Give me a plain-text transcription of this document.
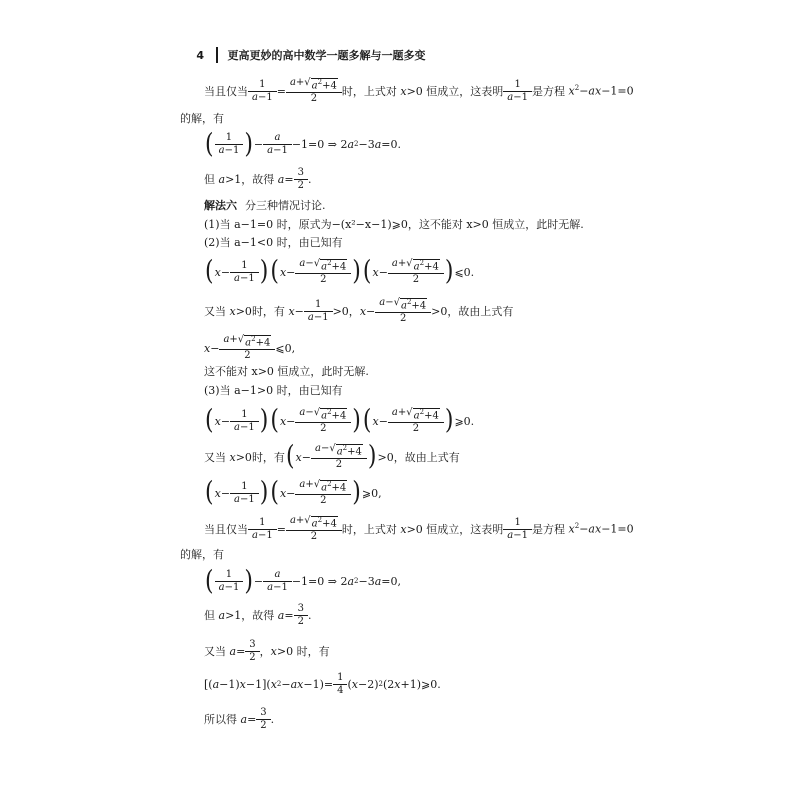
4 更高更妙的高中数学一题多解与一题多变
当且仅当 $\frac{1}{a-1} = \frac{a+√ a^2+4}{2}$ 时，上式对 x>0 恒成立，这表明 $\frac{1}{a-1}$ 是方程 $x^2-ax-1=0$
的解，有
( $\frac{1}{a-1}$ ) − $\frac{a}{a-1} -1=0$ ⇒ 2 a 2 −3 a =0.
但
a >1 ，故得
$a = \frac{3}{2}$ .
解法六 分三种情况讨论.
(1)当 a−1=0 时，原式为−(x²−x−1)⩾0，这不能对 x>0 恒成立，此时无解.
(2)当 a−1<0 时，由已知有
( $x - \frac{1}{a-1}$ ) ( $x - \frac{a-√ a^2+4}{2}$ ) ( $x - \frac{a+√ a^2+4}{2}$ ) ⩽0.
又当
x >0 时，有
$x - \frac{1}{a-1} >0$， $x - \frac{a-√ a^2+4}{2} >0$ ，故由上式有
$x - \frac{a+√ a^2+4}{2}$ ⩽0,
这不能对 x>0 恒成立，此时无解.
(3)当 a−1>0 时，由已知有
( $x - \frac{1}{a-1}$ ) ( $x - \frac{a-√ a^2+4}{2}$ ) ( $x - \frac{a+√ a^2+4}{2}$ ) ⩾0.
又当
x >0 时，有 ( $x - \frac{a-√ a^2+4}{2}$ ) >0 ，故由上式有
( $x - \frac{1}{a-1}$ ) ( $x - \frac{a+√ a^2+4}{2}$ ) ⩾0,
当且仅当 $\frac{1}{a-1} = \frac{a+√ a^2+4}{2}$ 时，上式对 x>0 恒成立，这表明 $\frac{1}{a-1}$ 是方程 $x^2-ax-1=0$
的解，有
( $\frac{1}{a-1}$ ) − $\frac{a}{a-1} -1=0$ ⇒ 2 a 2 −3 a =0,
但
a >1 ，故得
$a = \frac{3}{2}$ .
又当
$a = \frac{3}{2}$ ， x >0 时，有
[( a −1) x −1]( x 2 − ax $-1)= \frac{1}{4}$ ( x −2) 2 (2 x +1)⩾0.
所以得
$a = \frac{3}{2}$ .
